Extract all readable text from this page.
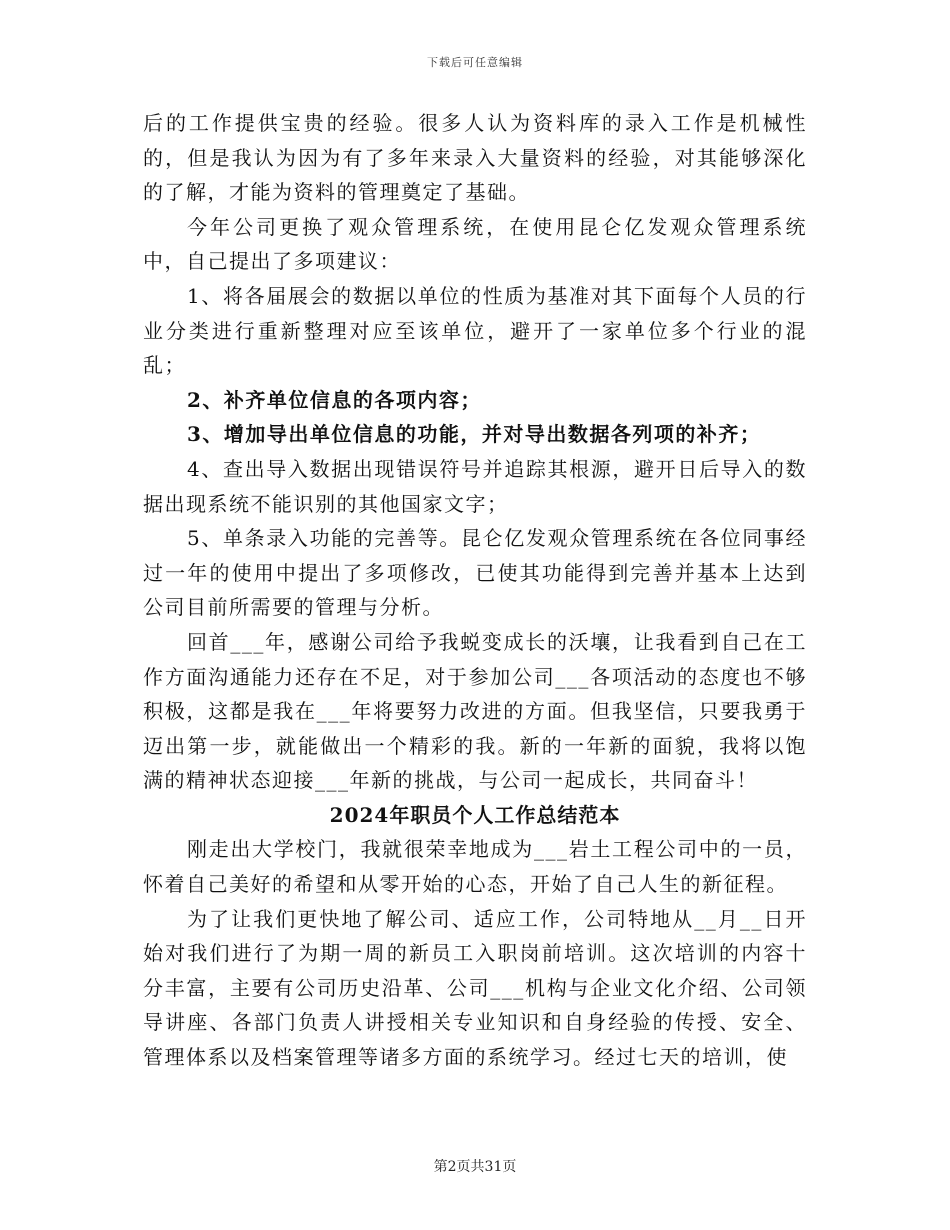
下载后可任意编辑

后的工作提供宝贵的经验。很多人认为资料库的录入工作是机械性的，但是我认为因为有了多年来录入大量资料的经验，对其能够深化的了解，才能为资料的管理奠定了基础。

今年公司更换了观众管理系统，在使用昆仑亿发观众管理系统中，自己提出了多项建议：

1、将各届展会的数据以单位的性质为基准对其下面每个人员的行业分类进行重新整理对应至该单位，避开了一家单位多个行业的混乱；

2、补齐单位信息的各项内容；

3、增加导出单位信息的功能，并对导出数据各列项的补齐；

4、查出导入数据出现错误符号并追踪其根源，避开日后导入的数据出现系统不能识别的其他国家文字；

5、单条录入功能的完善等。昆仑亿发观众管理系统在各位同事经过一年的使用中提出了多项修改，已使其功能得到完善并基本上达到公司目前所需要的管理与分析。

回首___年，感谢公司给予我蜕变成长的沃壤，让我看到自己在工作方面沟通能力还存在不足，对于参加公司___各项活动的态度也不够积极，这都是我在___年将要努力改进的方面。但我坚信，只要我勇于迈出第一步，就能做出一个精彩的我。新的一年新的面貌，我将以饱满的精神状态迎接___年新的挑战，与公司一起成长，共同奋斗！

2024年职员个人工作总结范本

刚走出大学校门，我就很荣幸地成为___岩土工程公司中的一员，怀着自己美好的希望和从零开始的心态，开始了自己人生的新征程。

为了让我们更快地了解公司、适应工作，公司特地从__月__日开始对我们进行了为期一周的新员工入职岗前培训。这次培训的内容十分丰富，主要有公司历史沿革、公司___机构与企业文化介绍、公司领导讲座、各部门负责人讲授相关专业知识和自身经验的传授、安全、管理体系以及档案管理等诸多方面的系统学习。经过七天的培训，使

第2页共31页
